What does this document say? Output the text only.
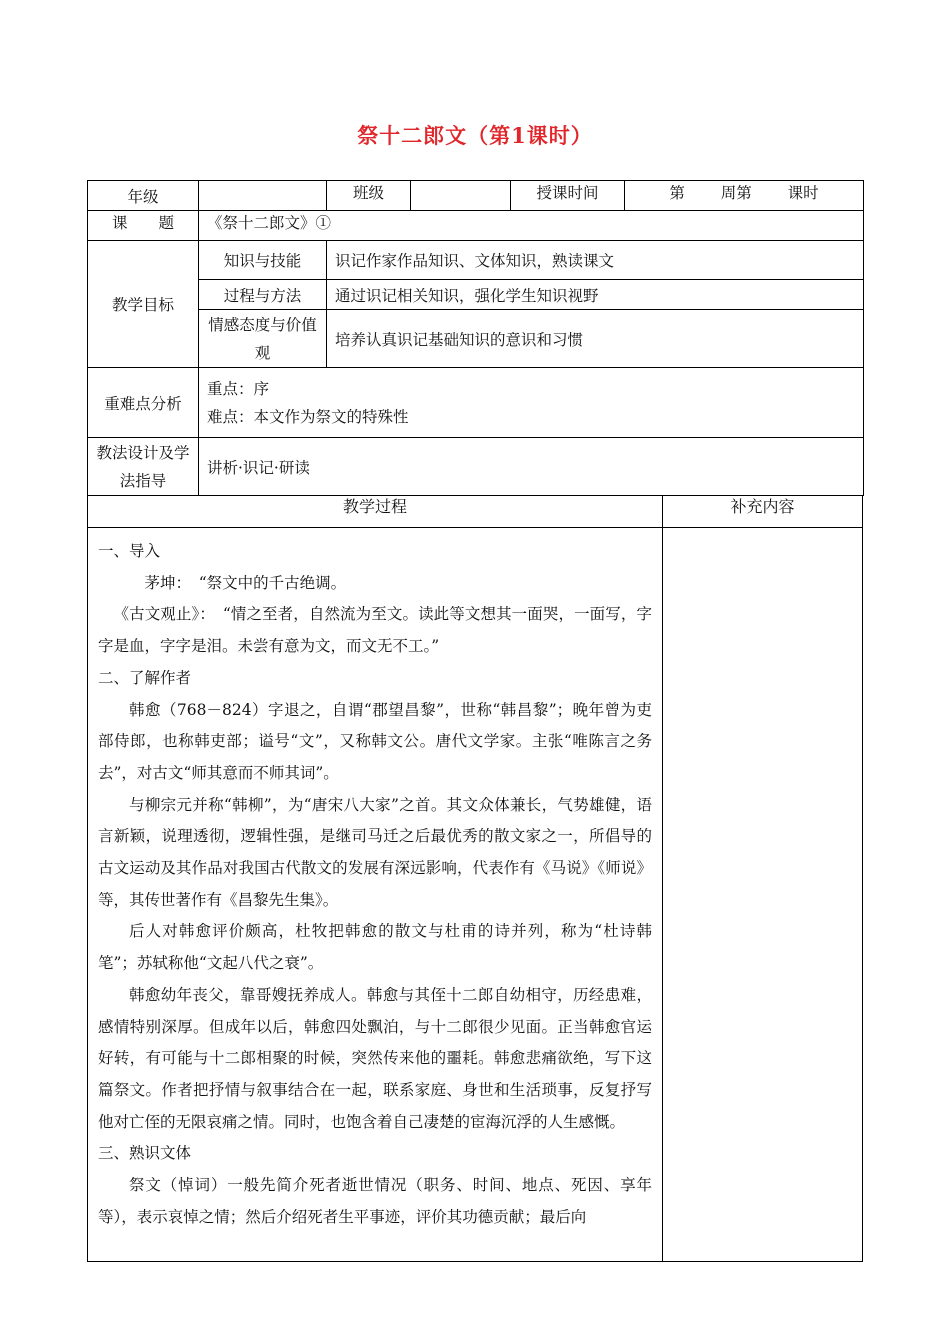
祭十二郎文（第1课时）
年级		班级		授课时间	第　　 周第　　 课时
课　　题	《祭十二郎文》①				
教学目标	知识与技能	识记作家作品知识、文体知识，熟读课文			
	过程与方法	通过识记相关知识，强化学生知识视野			
	情感态度与价值观	培养认真识记基础知识的意识和习惯			
重难点分析	重点：序
难点：本文作为祭文的特殊性				

教法设计及学法指导	讲析·识记·研读				
教学过程	补充内容

一、导入

茅坤：　“祭文中的千古绝调。

《古文观止》：　“情之至者，自然流为至文。读此等文想其一面哭，一面写，字字是血，字字是泪。未尝有意为文，而文无不工。”

二、了解作者

韩愈（768－824）字退之，自谓“郡望昌黎”，世称“韩昌黎”；晚年曾为吏部侍郎，也称韩吏部；谥号“文”，又称韩文公。唐代文学家。主张“唯陈言之务去”，对古文“师其意而不师其词”。

与柳宗元并称“韩柳”，为“唐宋八大家”之首。其文众体兼长，气势雄健，语言新颖，说理透彻，逻辑性强，是继司马迁之后最优秀的散文家之一，所倡导的古文运动及其作品对我国古代散文的发展有深远影响，代表作有《马说》《师说》等，其传世著作有《昌黎先生集》。

后人对韩愈评价颇高，杜牧把韩愈的散文与杜甫的诗并列，称为“杜诗韩笔”；苏轼称他“文起八代之衰”。

韩愈幼年丧父，靠哥嫂抚养成人。韩愈与其侄十二郎自幼相守，历经患难，感情特别深厚。但成年以后，韩愈四处飘泊，与十二郎很少见面。正当韩愈官运好转，有可能与十二郎相聚的时候，突然传来他的噩耗。韩愈悲痛欲绝，写下这篇祭文。作者把抒情与叙事结合在一起，联系家庭、身世和生活琐事，反复抒写他对亡侄的无限哀痛之情。同时，也饱含着自己凄楚的宦海沉浮的人生感慨。

三、熟识文体

祭文（悼词）一般先简介死者逝世情况（职务、时间、地点、死因、享年等），表示哀悼之情；然后介绍死者生平事迹，评价其功德贡献；最后向
